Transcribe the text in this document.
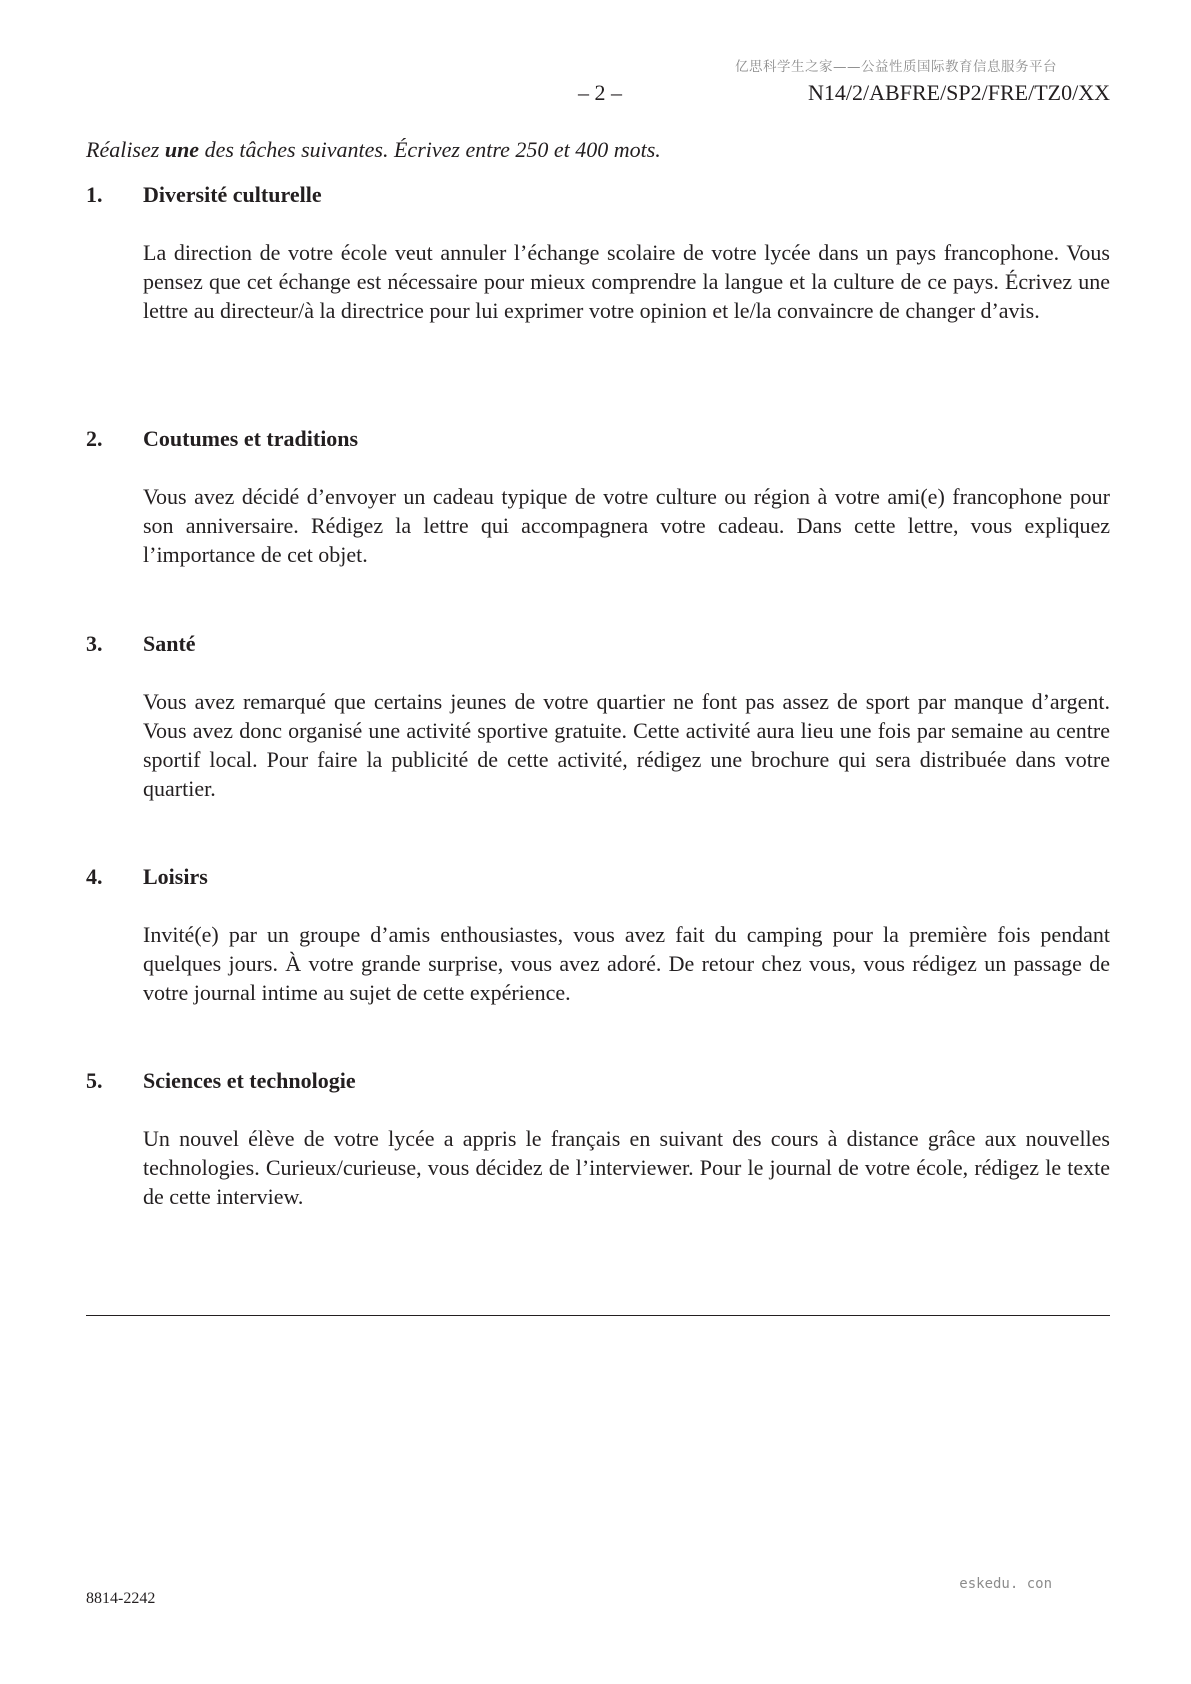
亿思科学生之家——公益性质国际教育信息服务平台
– 2 –	N14/2/ABFRE/SP2/FRE/TZ0/XX
Réalisez une des tâches suivantes. Écrivez entre 250 et 400 mots.
1.	Diversité culturelle
La direction de votre école veut annuler l’échange scolaire de votre lycée dans un pays francophone. Vous pensez que cet échange est nécessaire pour mieux comprendre la langue et la culture de ce pays. Écrivez une lettre au directeur/à la directrice pour lui exprimer votre opinion et le/la convaincre de changer d’avis.
2.	Coutumes et traditions
Vous avez décidé d’envoyer un cadeau typique de votre culture ou région à votre ami(e) francophone pour son anniversaire. Rédigez la lettre qui accompagnera votre cadeau. Dans cette lettre, vous expliquez l’importance de cet objet.
3.	Santé
Vous avez remarqué que certains jeunes de votre quartier ne font pas assez de sport par manque d’argent. Vous avez donc organisé une activité sportive gratuite. Cette activité aura lieu une fois par semaine au centre sportif local. Pour faire la publicité de cette activité, rédigez une brochure qui sera distribuée dans votre quartier.
4.	Loisirs
Invité(e) par un groupe d’amis enthousiastes, vous avez fait du camping pour la première fois pendant quelques jours. À votre grande surprise, vous avez adoré. De retour chez vous, vous rédigez un passage de votre journal intime au sujet de cette expérience.
5.	Sciences et technologie
Un nouvel élève de votre lycée a appris le français en suivant des cours à distance grâce aux nouvelles technologies. Curieux/curieuse, vous décidez de l’interviewer. Pour le journal de votre école, rédigez le texte de cette interview.
8814-2242
eskedu. con
